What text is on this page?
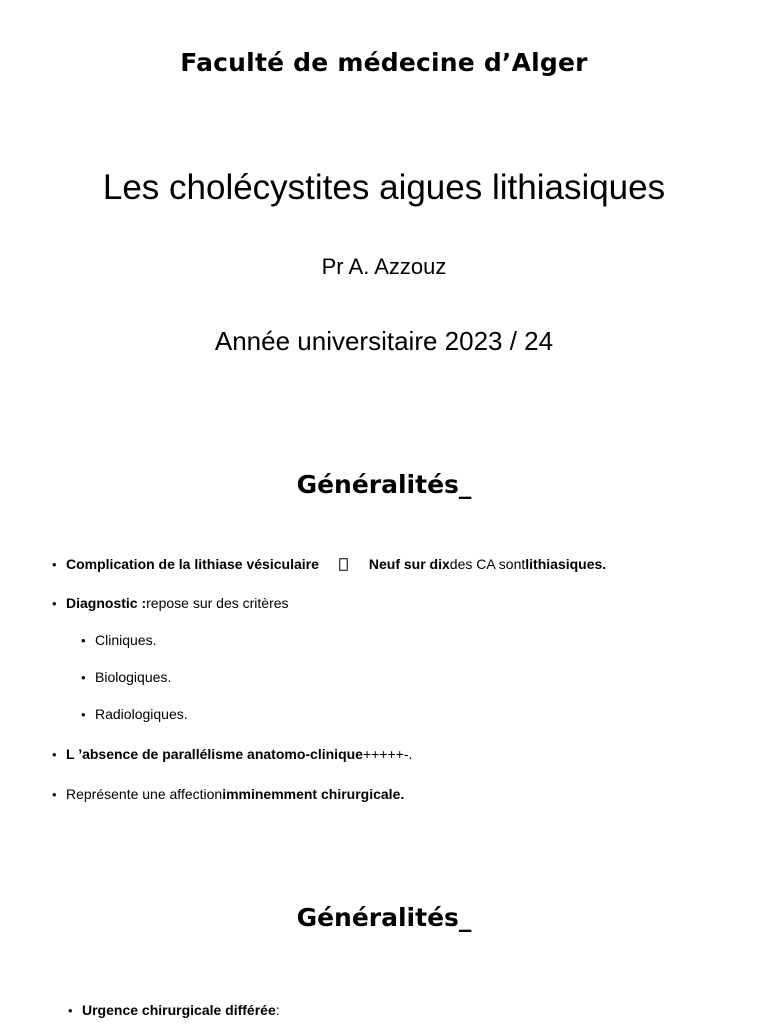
Faculté de médecine d’Alger
Les cholécystites aigues lithiasiques
Pr A. Azzouz
Année universitaire 2023 / 24
Généralités_
• Complication de la lithiase vésiculaire
	Neuf sur dix des CA sont lithiasiques.
• Diagnostic : repose sur des critères
• Cliniques.
• Biologiques.
• Radiologiques.
• L ’absence de parallélisme anatomo-clinique +++++-.
• Représente une affection imminemment chirurgicale.
Généralités_
• Urgence chirurgicale différée :
